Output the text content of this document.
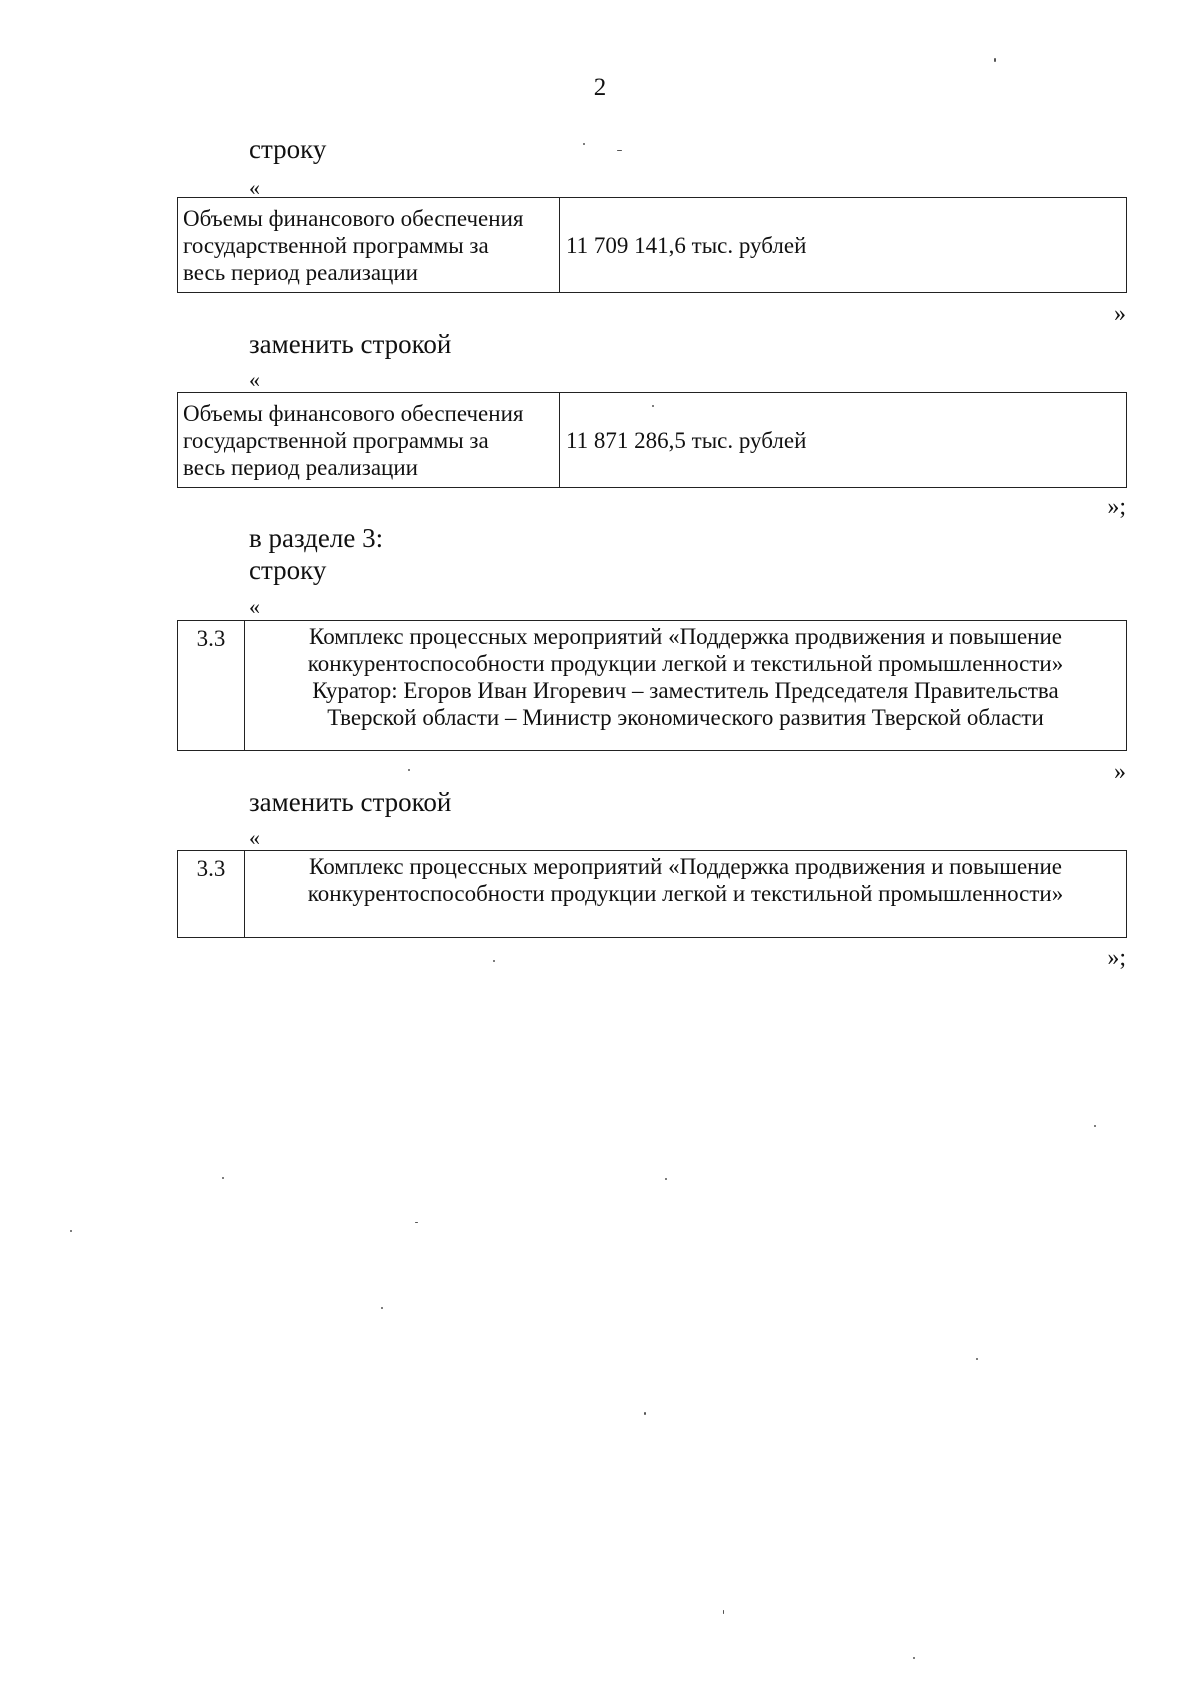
2
строку
«
Объемы финансового обеспечения
государственной программы за
весь период реализации
	11 709 141,6 тыс. рублей
»
заменить строкой
«
Объемы финансового обеспечения
государственной программы за
весь период реализации
	11 871 286,5 тыс. рублей
»;
в разделе 3:
строку
«
3.3	Комплекс процессных мероприятий «Поддержка продвижения и повышение
конкурентоспособности продукции легкой и текстильной промышленности»
Куратор: Егоров Иван Игоревич – заместитель Председателя Правительства
Тверской области – Министр экономического развития Тверской области
»
заменить строкой
«
3.3	Комплекс процессных мероприятий «Поддержка продвижения и повышение
конкурентоспособности продукции легкой и текстильной промышленности»
»;
